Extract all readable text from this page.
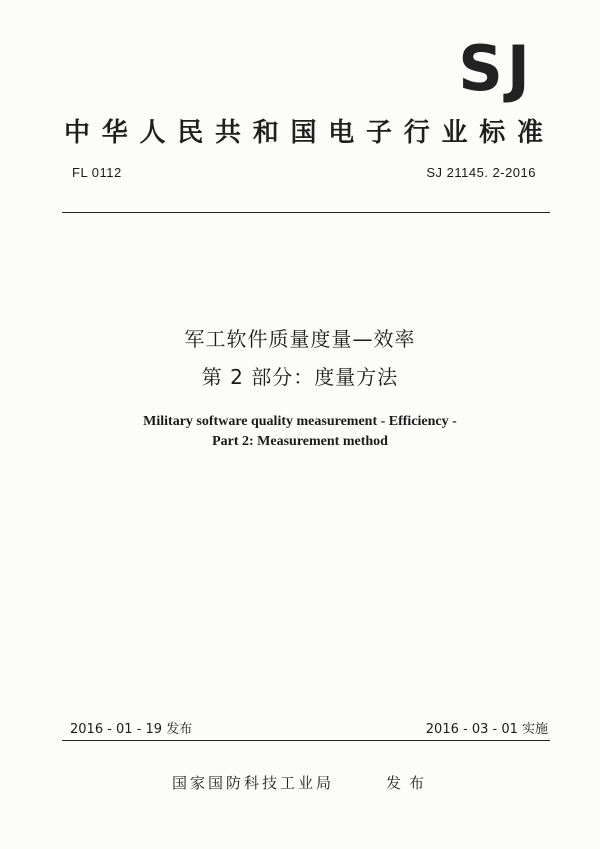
SJ
中华人民共和国电子行业标准
FL 0112	SJ 21145. 2-2016
军工软件质量度量—效率
第 2 部分：度量方法
Military software quality measurement - Efficiency -
Part 2: Measurement method
2016 - 01 - 19 发布	2016 - 03 - 01 实施
国家国防科技工业局	发布
